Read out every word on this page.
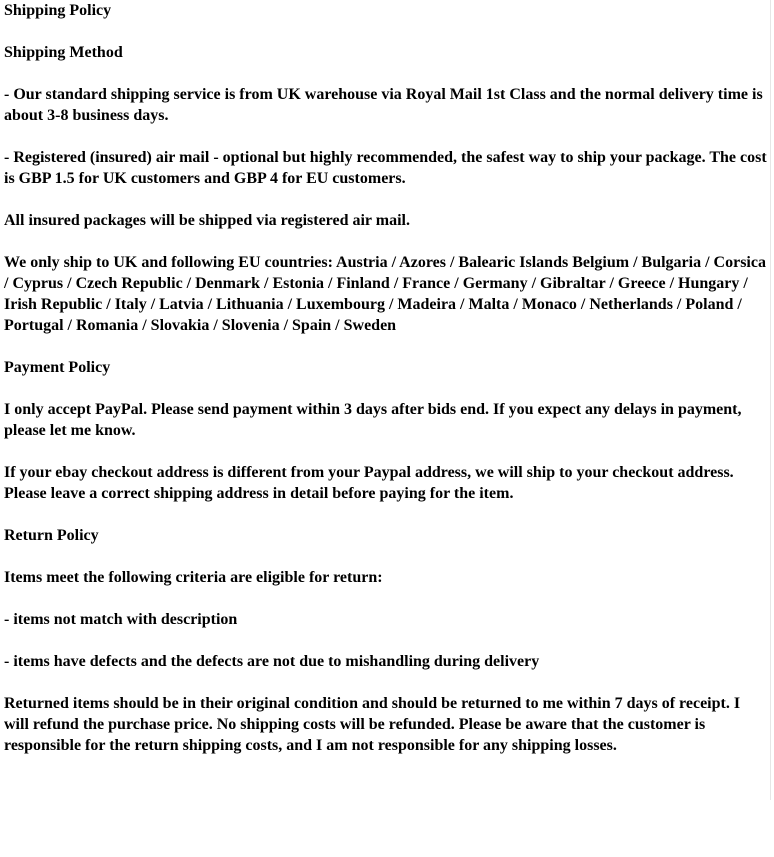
Shipping Policy

Shipping Method

- Our standard shipping service is from UK warehouse via Royal Mail 1st Class and the normal delivery time is about 3-8 business days.

- Registered (insured) air mail - optional but highly recommended, the safest way to ship your package. The cost is GBP 1.5 for UK customers and GBP 4 for EU customers.

All insured packages will be shipped via registered air mail.

We only ship to UK and following EU countries: Austria / Azores / Balearic Islands Belgium / Bulgaria / Corsica / Cyprus / Czech Republic / Denmark / Estonia / Finland / France / Germany / Gibraltar / Greece / Hungary / Irish Republic / Italy / Latvia / Lithuania / Luxembourg / Madeira / Malta / Monaco / Netherlands / Poland / Portugal / Romania / Slovakia / Slovenia / Spain / Sweden

Payment Policy

I only accept PayPal. Please send payment within 3 days after bids end. If you expect any delays in payment, please let me know.

If your ebay checkout address is different from your Paypal address, we will ship to your checkout address. Please leave a correct shipping address in detail before paying for the item.

Return Policy

Items meet the following criteria are eligible for return:

- items not match with description

- items have defects and the defects are not due to mishandling during delivery

Returned items should be in their original condition and should be returned to me within 7 days of receipt. I will refund the purchase price. No shipping costs will be refunded. Please be aware that the customer is responsible for the return shipping costs, and I am not responsible for any shipping losses.
